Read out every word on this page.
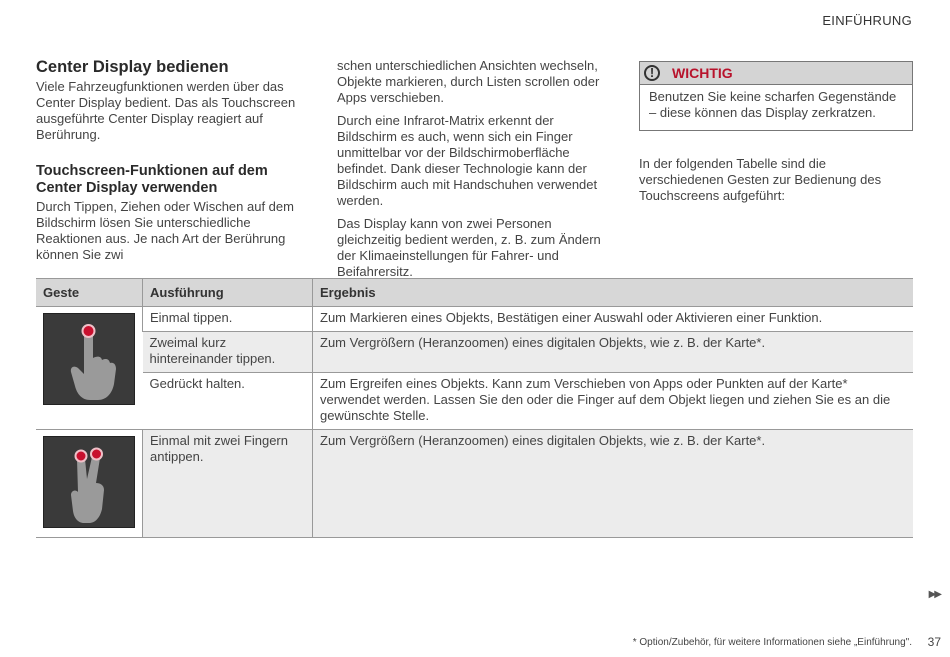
EINFÜHRUNG
Center Display bedienen

Viele Fahrzeugfunktionen werden über das Center Display bedient. Das als Touchscreen ausgeführte Center Display reagiert auf Berührung.

Touchscreen-Funktionen auf dem Center Display verwenden

Durch Tippen, Ziehen oder Wischen auf dem Bildschirm lösen Sie unterschiedliche Reaktionen aus. Je nach Art der Berührung können Sie zwi

schen unterschiedlichen Ansichten wechseln, Objekte markieren, durch Listen scrollen oder Apps verschieben.

Durch eine Infrarot-Matrix erkennt der Bildschirm es auch, wenn sich ein Finger unmittelbar vor der Bildschirmoberfläche befindet. Dank dieser Technologie kann der Bildschirm auch mit Handschuhen verwendet werden.

Das Display kann von zwei Personen gleichzeitig bedient werden, z. B. zum Ändern der Klimaeinstellungen für Fahrer- und Beifahrersitz.

!	WICHTIG
Benutzen Sie keine scharfen Gegenstände – diese können das Display zerkratzen.

In der folgenden Tabelle sind die verschiedenen Gesten zur Bedienung des Touchscreens aufgeführt:

Geste	Ausführung	Ergebnis

	Einmal tippen.	Zum Markieren eines Objekts, Bestätigen einer Auswahl oder Aktivieren einer Funktion.
	Zweimal kurz hintereinander tippen.	Zum Vergrößern (Heranzoomen) eines digitalen Objekts, wie z. B. der Karte*.
	Gedrückt halten.	Zum Ergreifen eines Objekts. Kann zum Verschieben von Apps oder Punkten auf der Karte* verwendet werden. Lassen Sie den oder die Finger auf dem Objekt liegen und ziehen Sie es an die gewünschte Stelle.

	Einmal mit zwei Fingern antippen.	Zum Vergrößern (Heranzoomen) eines digitalen Objekts, wie z. B. der Karte*.
▶▶
* Option/Zubehör, für weitere Informationen siehe „Einführung". 37
